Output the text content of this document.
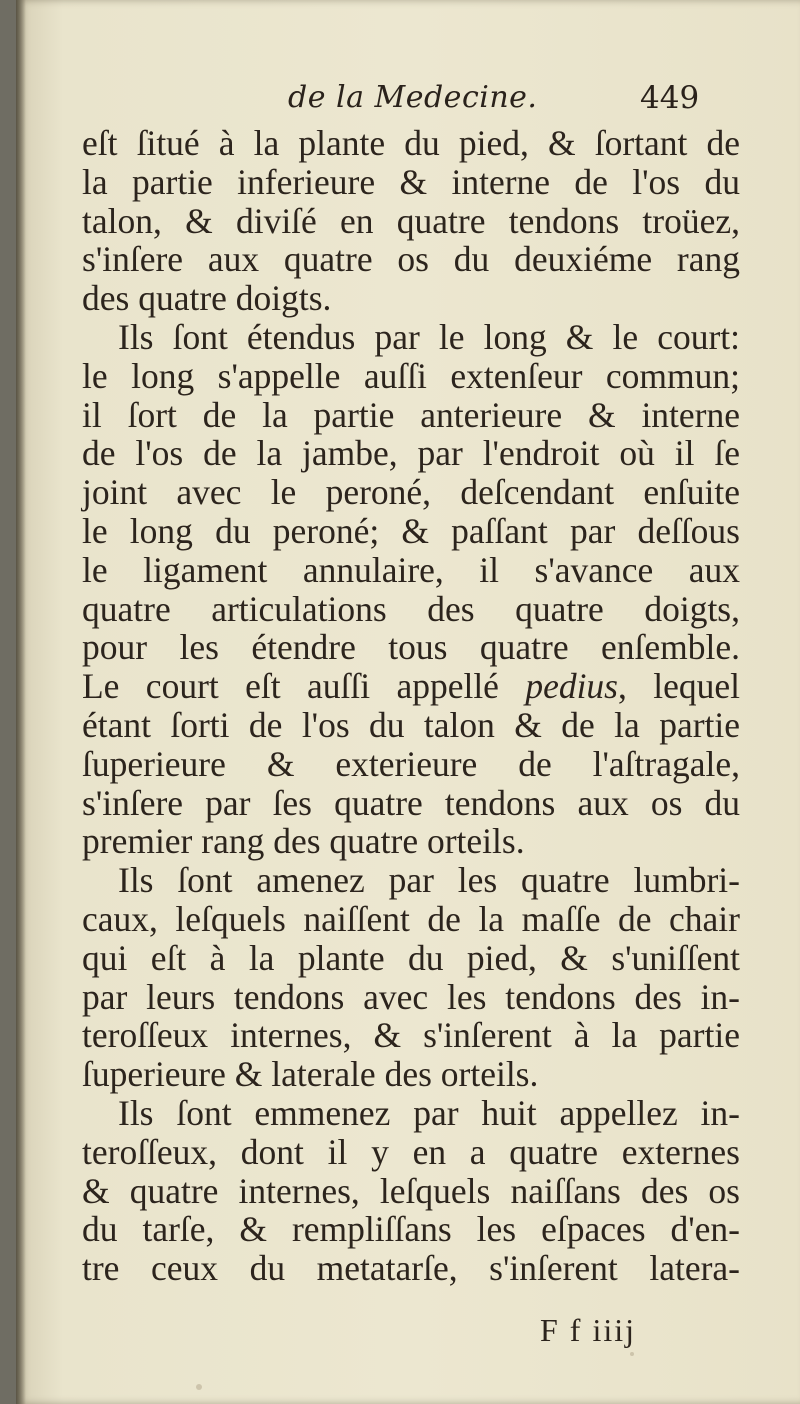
de la Medecine.	449
eſt ſitué à la plante du pied, & ſortant de
la partie inferieure & interne de l'os du
talon, & diviſé en quatre tendons troüez,
s'inſere aux quatre os du deuxiéme rang
des quatre doigts.
Ils ſont étendus par le long & le court:
le long s'appelle auſſi extenſeur commun;
il ſort de la partie anterieure & interne
de l'os de la jambe, par l'endroit où il ſe
joint avec le peroné, deſcendant enſuite
le long du peroné; & paſſant par deſſous
le ligament annulaire, il s'avance aux
quatre articulations des quatre doigts,
pour les étendre tous quatre enſemble.
Le court eſt auſſi appellé pedius, lequel
étant ſorti de l'os du talon & de la partie
ſuperieure & exterieure de l'aſtragale,
s'inſere par ſes quatre tendons aux os du
premier rang des quatre orteils.
Ils ſont amenez par les quatre lumbri-
caux, leſquels naiſſent de la maſſe de chair
qui eſt à la plante du pied, & s'uniſſent
par leurs tendons avec les tendons des in-
teroſſeux internes, & s'inſerent à la partie
ſuperieure & laterale des orteils.
Ils ſont emmenez par huit appellez in-
teroſſeux, dont il y en a quatre externes
& quatre internes, leſquels naiſſans des os
du tarſe, & rempliſſans les eſpaces d'en-
tre ceux du metatarſe, s'inſerent latera-
F f iiij
